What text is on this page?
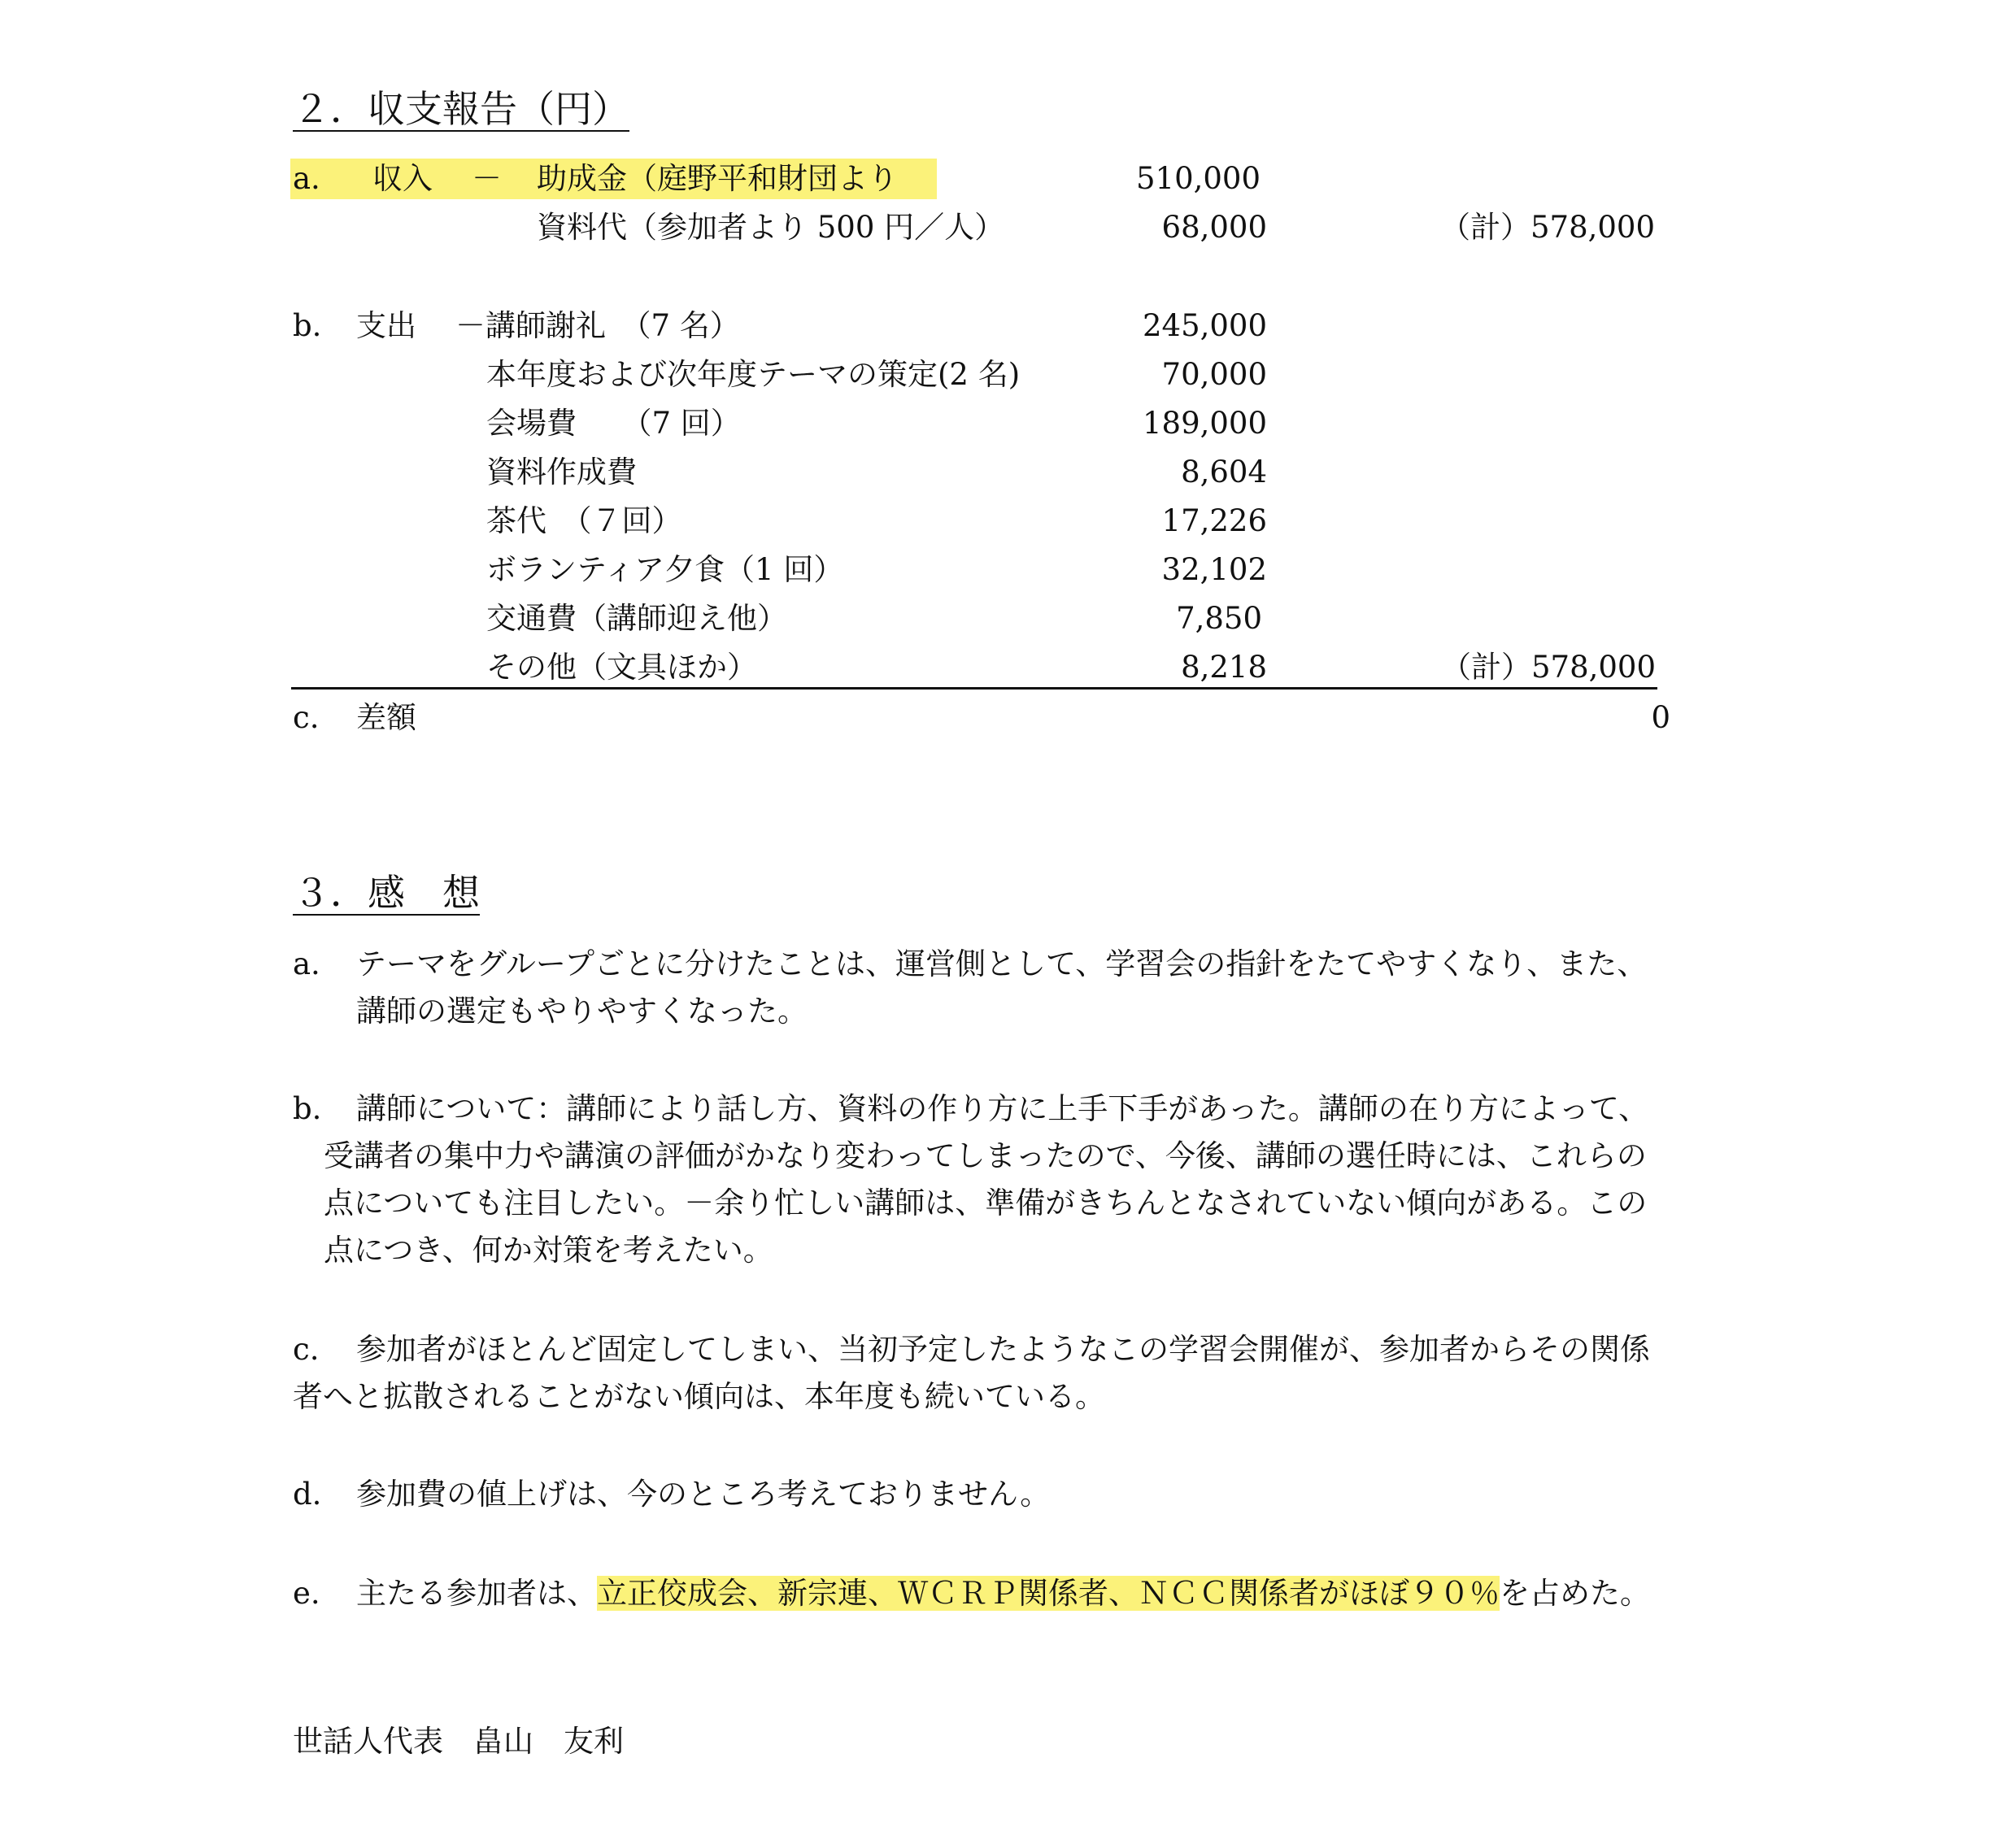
２．収支報告（円）
a. 収入 － 助成金（庭野平和財団より	510,000
資料代（参加者より 500 円／人）	68,000	（計）578,000
b. 支出 －講師謝礼　（7 名）	245,000
本年度および次年度テーマの策定(2 名)	70,000
会場費　　（7 回）	189,000
資料作成費	8,604
茶代　（７回）	17,226
ボランティア夕食（1 回）	32,102
交通費（講師迎え他）	7,850
その他（文具ほか）	8,218	（計）578,000
c. 差額	0
３．感　想
a. テーマをグループごとに分けたことは、運営側として、学習会の指針をたてやすくなり、また、
講師の選定もやりやすくなった。
b. 講師について：講師により話し方、資料の作り方に上手下手があった。講師の在り方によって、
受講者の集中力や講演の評価がかなり変わってしまったので、今後、講師の選任時には、これらの
点についても注目したい。－余り忙しい講師は、準備がきちんとなされていない傾向がある。この
点につき、何か対策を考えたい。
c. 参加者がほとんど固定してしまい、当初予定したようなこの学習会開催が、参加者からその関係
者へと拡散されることがない傾向は、本年度も続いている。
d. 参加費の値上げは、今のところ考えておりません。
e. 主たる参加者は、立正佼成会、新宗連、ＷＣＲＰ関係者、ＮＣＣ関係者がほぼ９０％を占めた。
世話人代表　畠山　友利
